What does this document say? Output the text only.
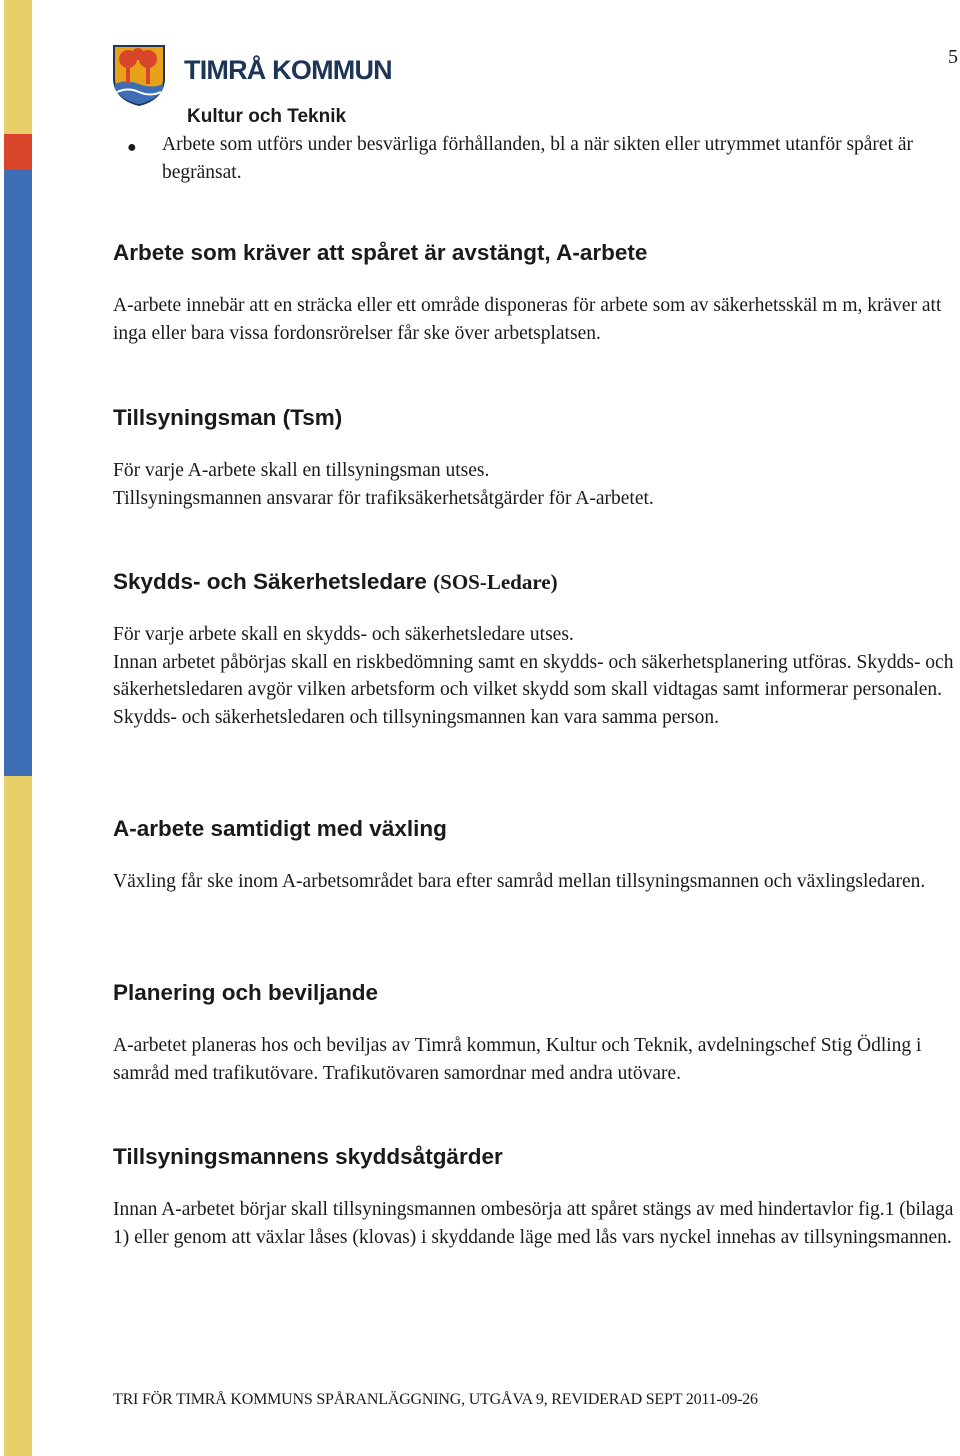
5
TIMRÅ KOMMUN
Kultur och Teknik
● Arbete som utförs under besvärliga förhållanden, bl a när sikten eller utrymmet utanför spåret är begränsat.
Arbete som kräver att spåret är avstängt, A-arbete

A-arbete innebär att en sträcka eller ett område disponeras för arbete som av säkerhetsskäl m m, kräver att inga eller bara vissa fordonsrörelser får ske över arbetsplatsen.

Tillsyningsman (Tsm)

För varje A-arbete skall en tillsyningsman utses.

Tillsyningsmannen ansvarar för trafiksäkerhetsåtgärder för A-arbetet.

Skydds- och Säkerhetsledare (SOS-Ledare)

För varje arbete skall en skydds- och säkerhetsledare utses.

Innan arbetet påbörjas skall en riskbedömning samt en skydds- och säkerhetsplanering utföras. Skydds- och säkerhetsledaren avgör vilken arbetsform och vilket skydd som skall vidtagas samt informerar personalen. Skydds- och säkerhetsledaren och tillsyningsmannen kan vara samma person.

A-arbete samtidigt med växling

Växling får ske inom A-arbetsområdet bara efter samråd mellan tillsyningsmannen och växlingsledaren.

Planering och beviljande

A-arbetet planeras hos och beviljas av Timrå kommun, Kultur och Teknik, avdelningschef Stig Ödling i samråd med trafikutövare. Trafikutövaren samordnar med andra utövare.

Tillsyningsmannens skyddsåtgärder

Innan A-arbetet börjar skall tillsyningsmannen ombesörja att spåret stängs av med hindertavlor fig.1 (bilaga 1) eller genom att växlar låses (klovas) i skyddande läge med lås vars nyckel innehas av tillsyningsmannen.

TRI FÖR TIMRÅ KOMMUNS SPÅRANLÄGGNING, UTGÅVA 9, REVIDERAD SEPT 2011-09-26
